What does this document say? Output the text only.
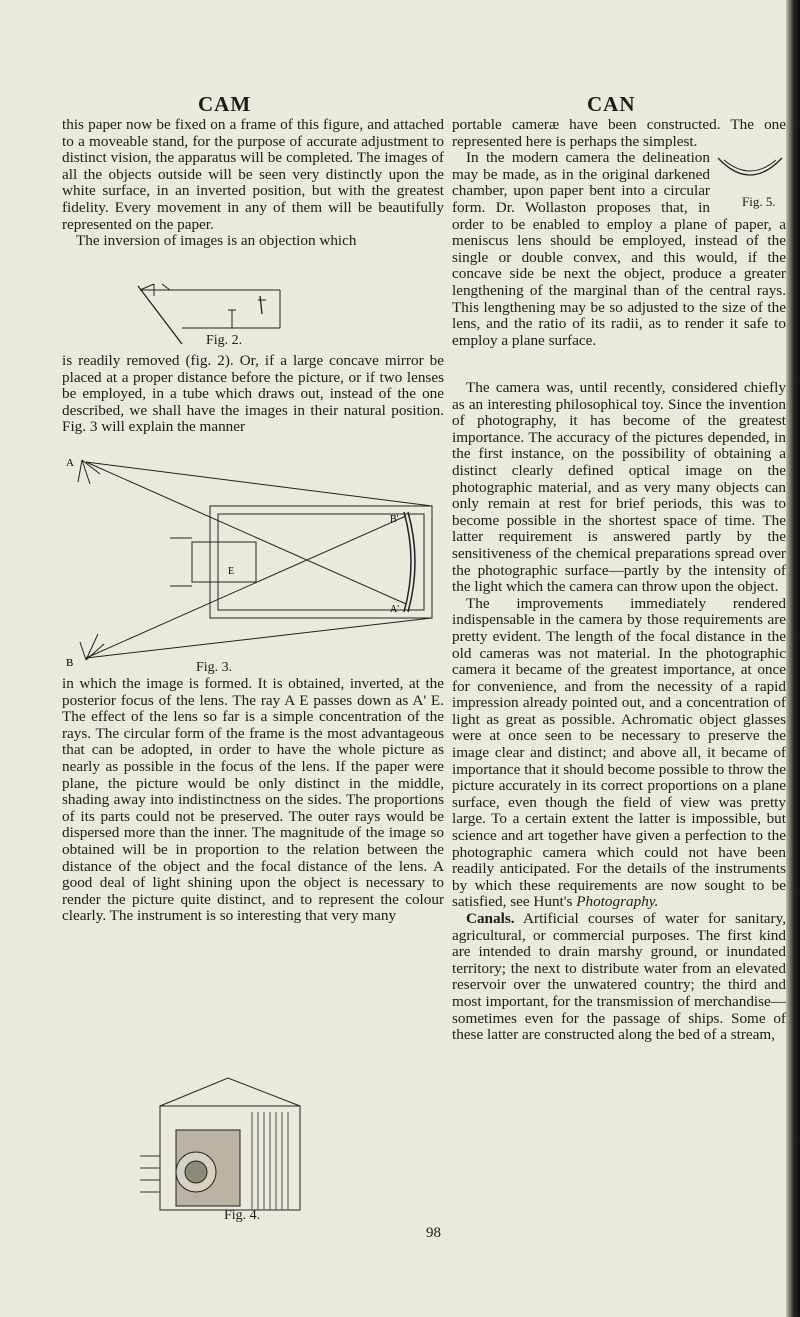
CAM	CAN

this paper now be fixed on a frame of this figure, and attached to a moveable stand, for the purpose of accurate adjustment to distinct vision, the apparatus will be completed. The images of all the objects outside will be seen very distinctly upon the white surface, in an inverted position, but with the greatest fidelity. Every movement in any of them will be beautifully represented on the paper.

The inversion of images is an objection which

Fig. 2.

is readily removed (fig. 2). Or, if a large concave mirror be placed at a proper distance before the picture, or if two lenses be employed, in a tube which draws out, instead of the one described, we shall have the images in their natural position. Fig. 3 will explain the manner

A
B
E
B'
A'
Fig. 3.

in which the image is formed. It is obtained, inverted, at the posterior focus of the lens. The ray A E passes down as A' E. The effect of the lens so far is a simple concentration of the rays. The circular form of the frame is the most advantageous that can be adopted, in order to have the whole picture as nearly as possible in the focus of the lens. If the paper were plane, the picture would be only distinct in the middle, shading away into indistinctness on the sides. The proportions of its parts could not be preserved. The outer rays would be dispersed more than the inner. The magnitude of the image so obtained will be in proportion to the relation between the distance of the object and the focal distance of the lens. A good deal of light shining upon the object is necessary to render the picture quite distinct, and to represent the colour clearly. The instrument is so interesting that very many

Fig. 4.

portable cameræ have been constructed. The one represented here is perhaps the simplest.

Fig. 5.

In the modern camera the delineation may be made, as in the original darkened chamber, upon paper bent into a circular form. Dr. Wollaston proposes that, in order to be enabled to employ a plane of paper, a meniscus lens should be employed, instead of the single or double convex, and this would, if the concave side be next the object, produce a greater lengthening of the marginal than of the central rays. This lengthening may be so adjusted to the size of the lens, and the ratio of its radii, as to render it safe to employ a plane surface.

The camera was, until recently, considered chiefly as an interesting philosophical toy. Since the invention of photography, it has become of the greatest importance. The accuracy of the pictures depended, in the first instance, on the possibility of obtaining a distinct clearly defined optical image on the photographic material, and as very many objects can only remain at rest for brief periods, this was to become possible in the shortest space of time. The latter requirement is answered partly by the sensitiveness of the chemical preparations spread over the photographic surface—partly by the intensity of the light which the camera can throw upon the object.

The improvements immediately rendered indispensable in the camera by those requirements are pretty evident. The length of the focal distance in the old cameras was not material. In the photographic camera it became of the greatest importance, at once for convenience, and from the necessity of a rapid impression already pointed out, and a concentration of light as great as possible. Achromatic object glasses were at once seen to be necessary to preserve the image clear and distinct; and above all, it became of importance that it should become possible to throw the picture accurately in its correct proportions on a plane surface, even though the field of view was pretty large. To a certain extent the latter is impossible, but science and art together have given a perfection to the photographic camera which could not have been readily anticipated. For the details of the instruments by which these requirements are now sought to be satisfied, see Hunt's Photography.

Canals. Artificial courses of water for sanitary, agricultural, or commercial purposes. The first kind are intended to drain marshy ground, or inundated territory; the next to distribute water from an elevated reservoir over the unwatered country; the third and most important, for the transmission of merchandise—sometimes even for the passage of ships. Some of these latter are constructed along the bed of a stream,

98
